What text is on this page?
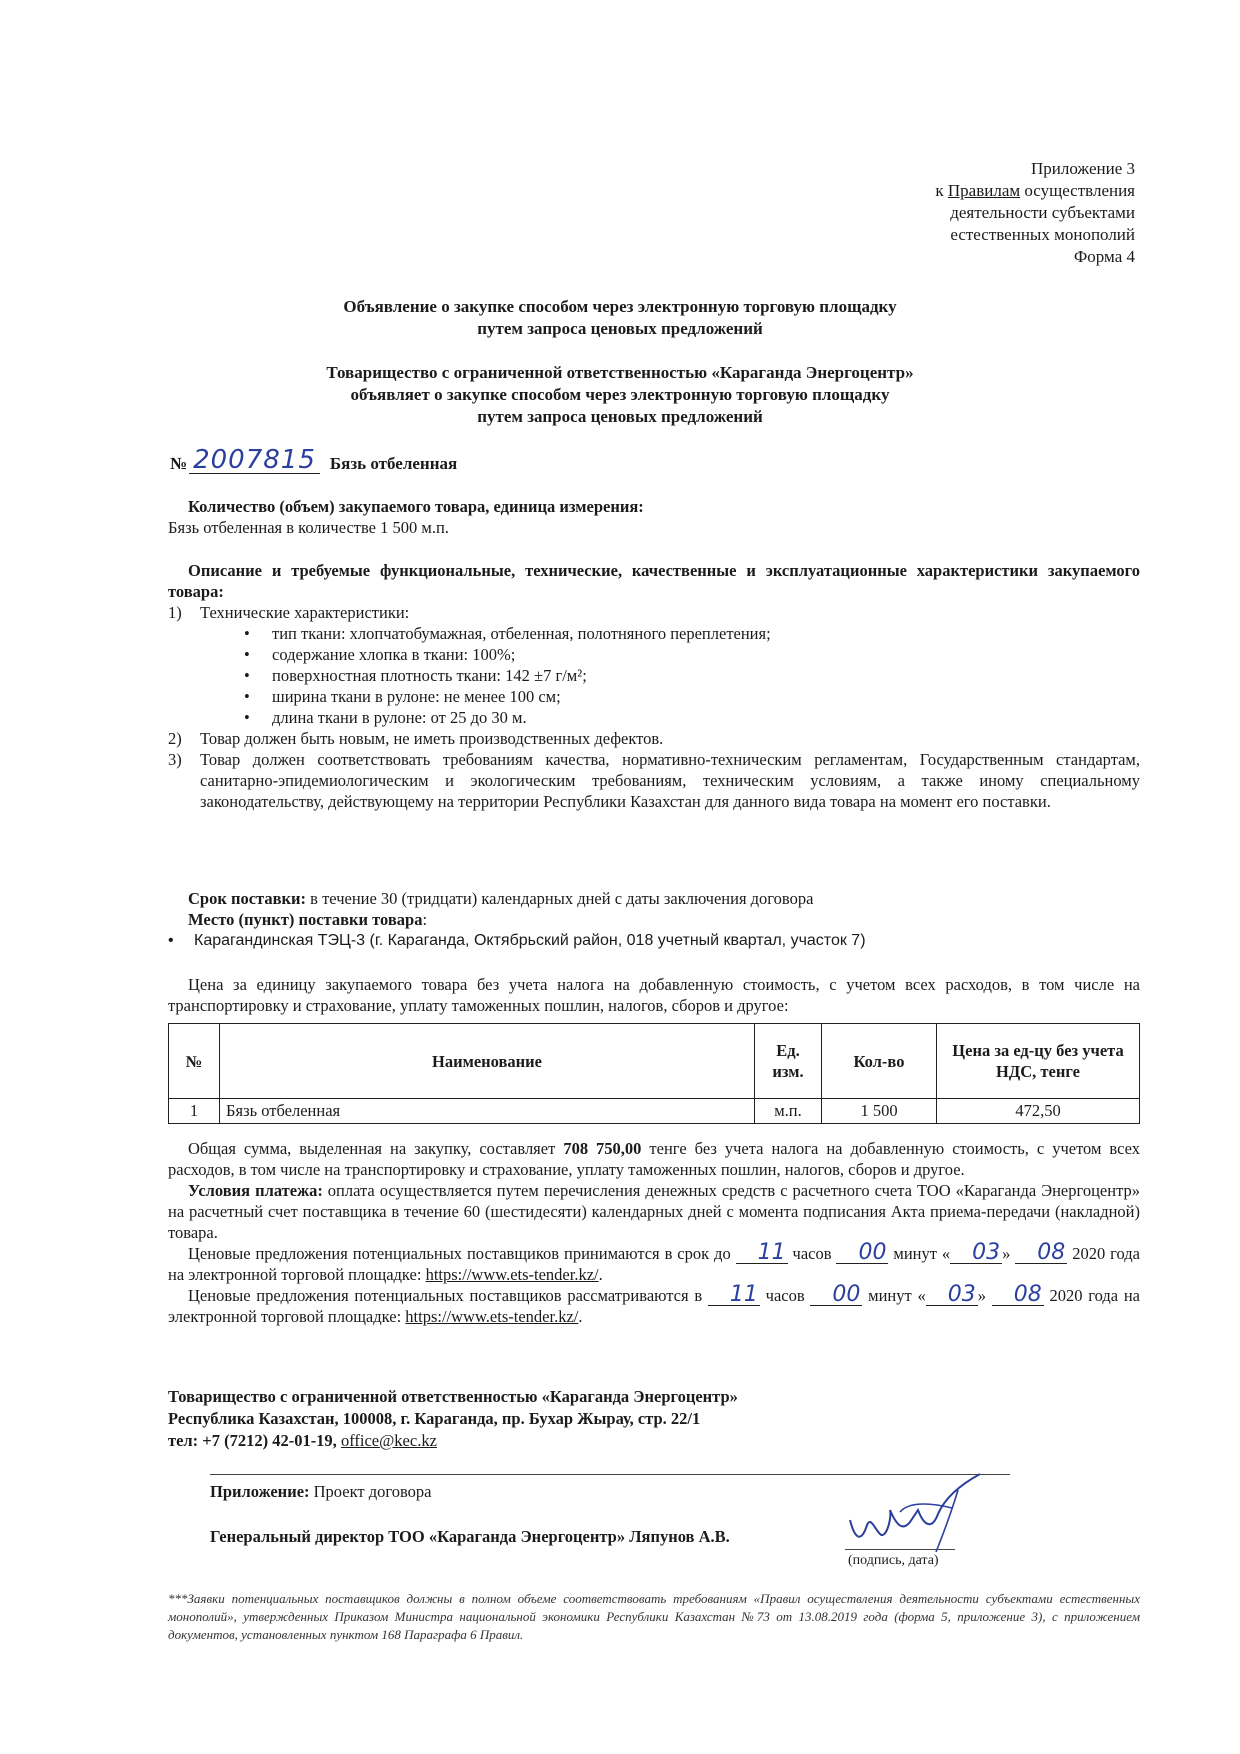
Приложение 3
к Правилам осуществления
деятельности субъектами
естественных монополий
Форма 4
Объявление о закупке способом через электронную торговую площадку
путем запроса ценовых предложений
Товарищество с ограниченной ответственностью «Караганда Энергоцентр»
объявляет о закупке способом через электронную торговую площадку
путем запроса ценовых предложений
№ 2007815 Бязь отбеленная
Количество (объем) закупаемого товара, единица измерения:
Бязь отбеленная в количестве 1 500 м.п.
Описание и требуемые функциональные, технические, качественные и эксплуатационные характеристики закупаемого товара:
1) Технические характеристики:
• тип ткани: хлопчатобумажная, отбеленная, полотняного переплетения;
• содержание хлопка в ткани: 100%;
• поверхностная плотность ткани: 142 ±7 г/м²;
• ширина ткани в рулоне: не менее 100 см;
• длина ткани в рулоне: от 25 до 30 м.
2) Товар должен быть новым, не иметь производственных дефектов.
3) Товар должен соответствовать требованиям качества, нормативно-техническим регламентам, Государственным стандартам, санитарно-эпидемиологическим и экологическим требованиям, техническим условиям, а также иному специальному законодательству, действующему на территории Республики Казахстан для данного вида товара на момент его поставки.
Срок поставки: в течение 30 (тридцати) календарных дней с даты заключения договора
Место (пункт) поставки товара:
• Карагандинская ТЭЦ-3 (г. Караганда, Октябрьский район, 018 учетный квартал, участок 7)
Цена за единицу закупаемого товара без учета налога на добавленную стоимость, с учетом всех расходов, в том числе на транспортировку и страхование, уплату таможенных пошлин, налогов, сборов и другое:
№	Наименование	Ед. изм.	Кол-во	Цена за ед-цу без учета НДС, тенге
1	Бязь отбеленная	м.п.	1 500	472,50
Общая сумма, выделенная на закупку, составляет 708 750,00 тенге без учета налога на добавленную стоимость, с учетом всех расходов, в том числе на транспортировку и страхование, уплату таможенных пошлин, налогов, сборов и другое.
Условия платежа: оплата осуществляется путем перечисления денежных средств с расчетного счета ТОО «Караганда Энергоцентр» на расчетный счет поставщика в течение 60 (шестидесяти) календарных дней с момента подписания Акта приема-передачи (накладной) товара.
Ценовые предложения потенциальных поставщиков принимаются в срок до 11 часов 00 минут « 03 » 08 2020 года на электронной торговой площадке: https://www.ets-tender.kz/.
Ценовые предложения потенциальных поставщиков рассматриваются в 11 часов 00 минут « 03 » 08 2020 года на электронной торговой площадке: https://www.ets-tender.kz/.
Товарищество с ограниченной ответственностью «Караганда Энергоцентр»
Республика Казахстан, 100008, г. Караганда, пр. Бухар Жырау, стр. 22/1
тел: +7 (7212) 42-01-19, office@kec.kz
Приложение: Проект договора
Генеральный директор ТОО «Караганда Энергоцентр» Ляпунов А.В.
(подпись, дата)
***Заявки потенциальных поставщиков должны в полном объеме соответствовать требованиям «Правил осуществления деятельности субъектами естественных монополий», утвержденных Приказом Министра национальной экономики Республики Казахстан №73 от 13.08.2019 года (форма 5, приложение 3), с приложением документов, установленных пунктом 168 Параграфа 6 Правил.
